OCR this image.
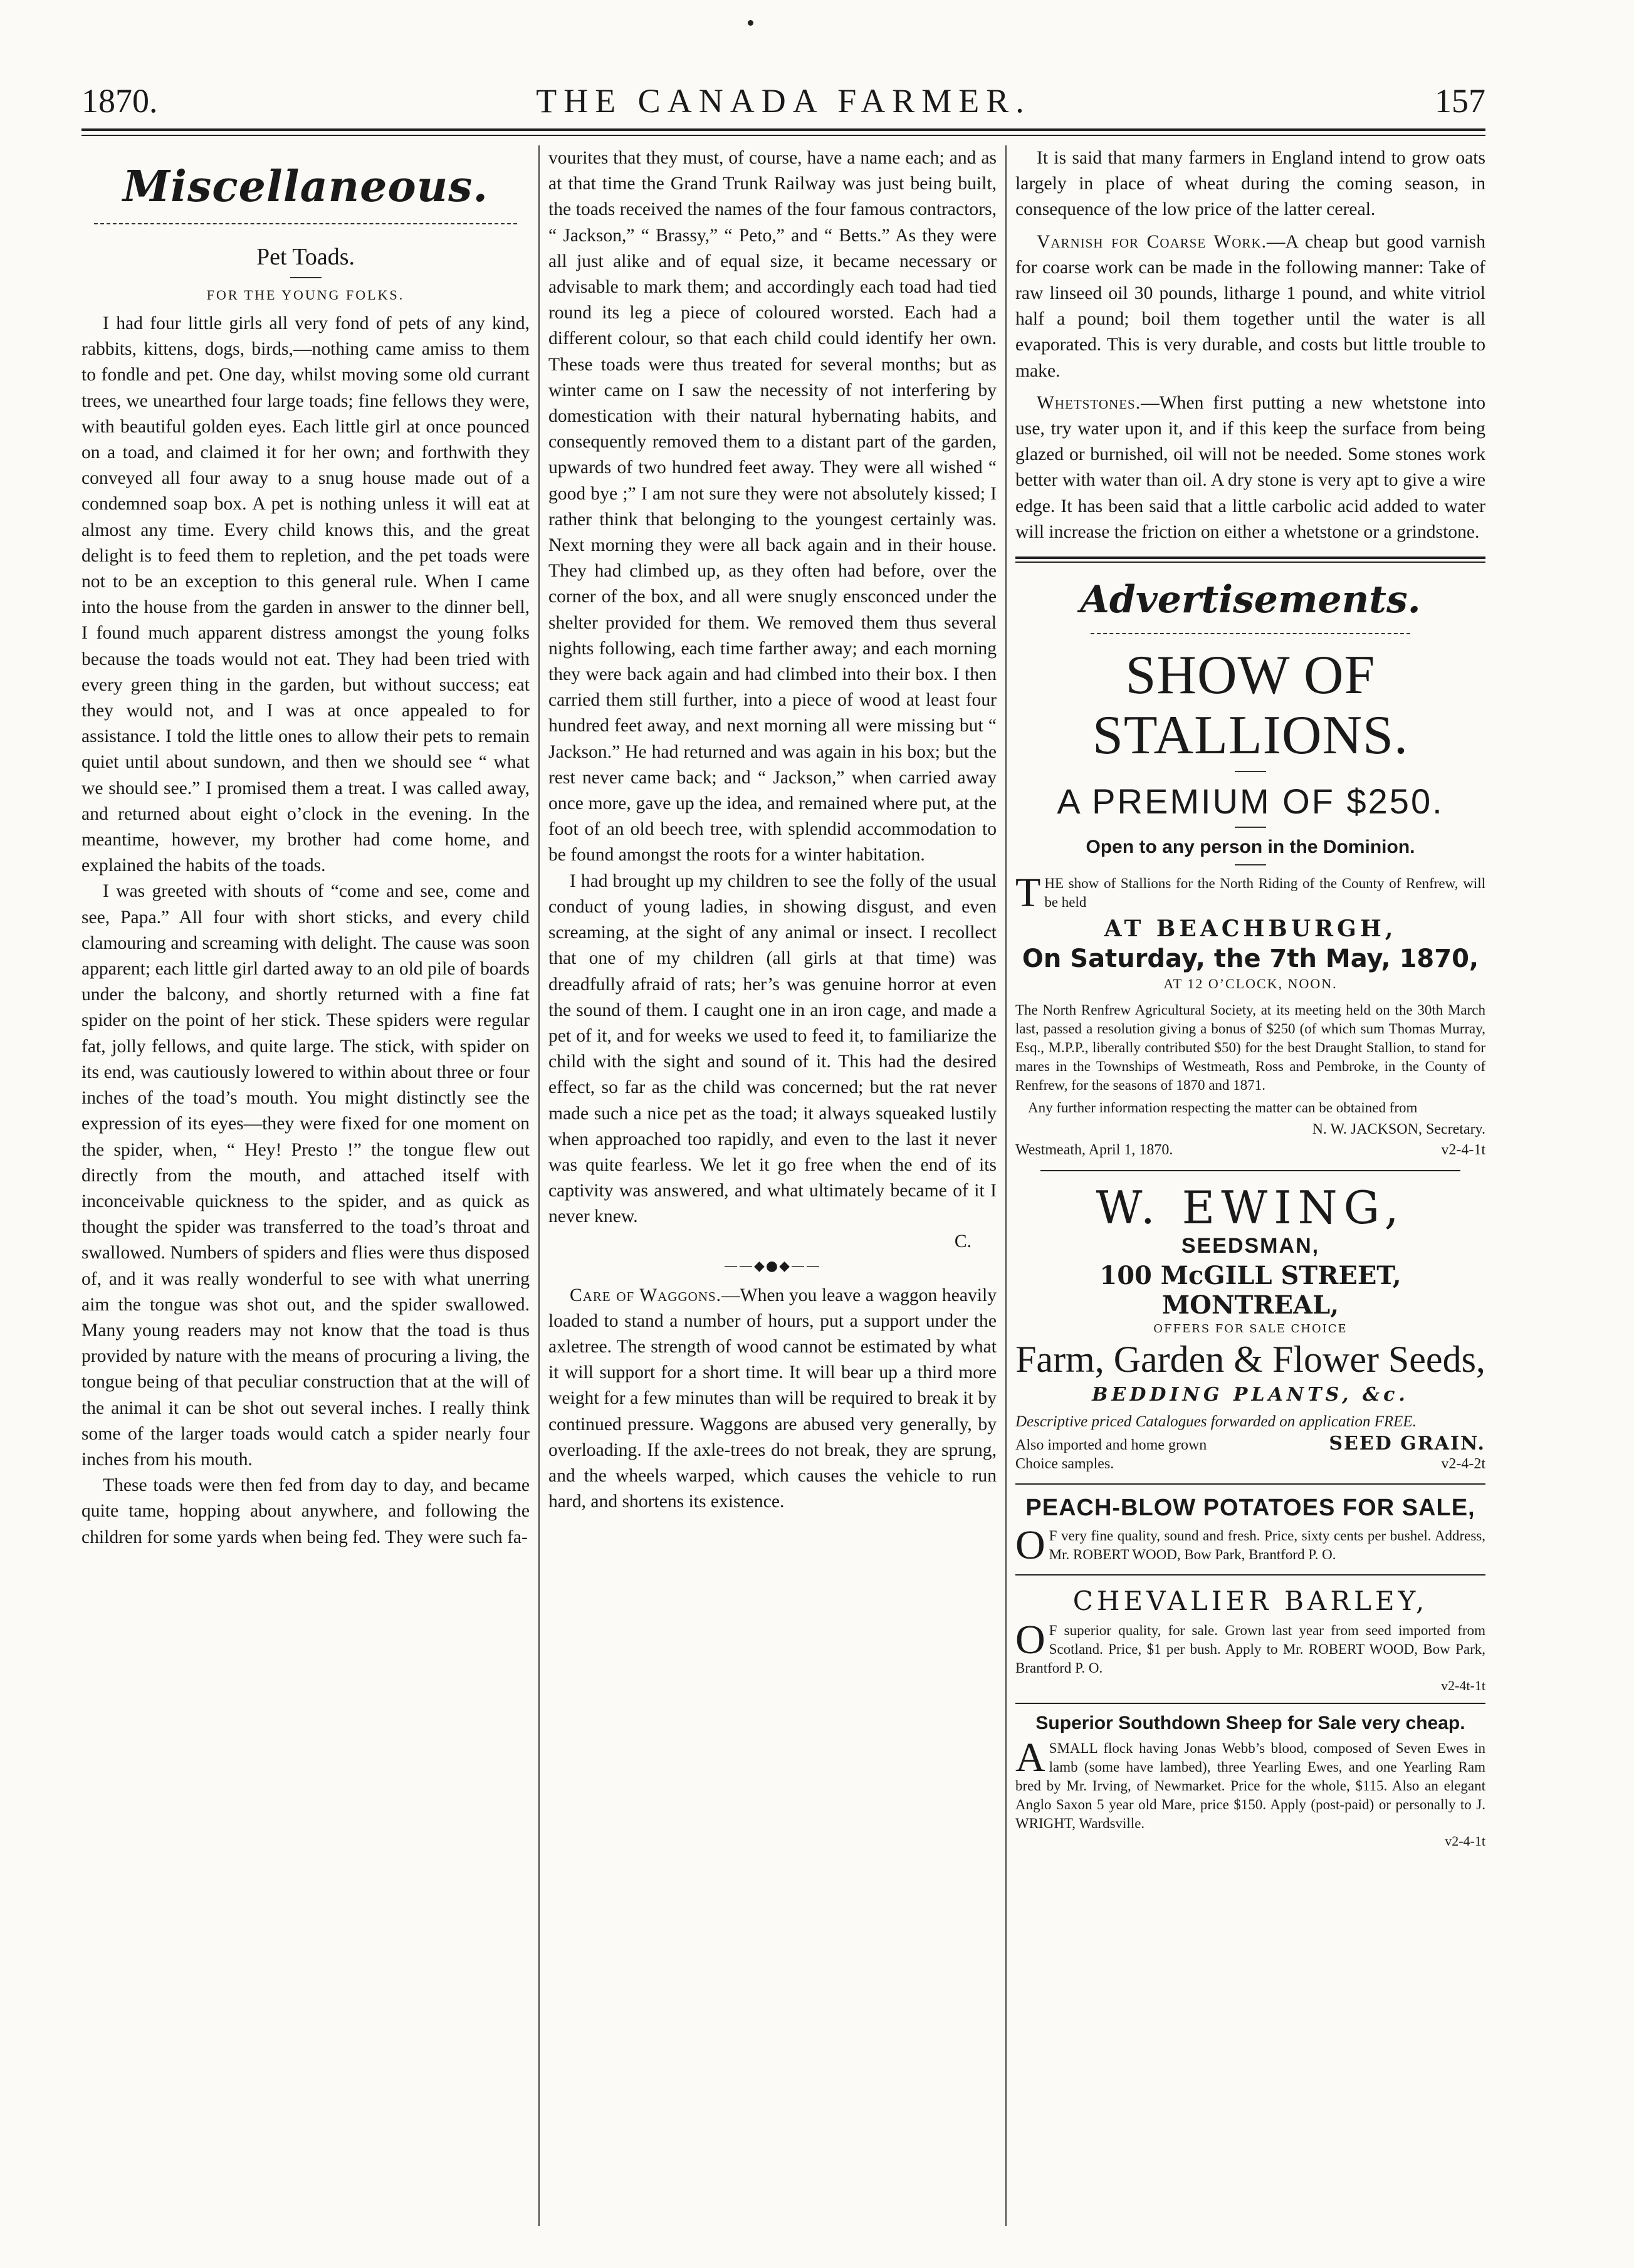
1870.	THE CANADA FARMER.	157
Miscellaneous.
Pet Toads.
FOR THE YOUNG FOLKS.

I had four little girls all very fond of pets of any kind, rabbits, kittens, dogs, birds,—nothing came amiss to them to fondle and pet. One day, whilst moving some old currant trees, we unearthed four large toads; fine fellows they were, with beautiful golden eyes. Each little girl at once pounced on a toad, and claimed it for her own; and forthwith they conveyed all four away to a snug house made out of a condemned soap box. A pet is nothing unless it will eat at almost any time. Every child knows this, and the great delight is to feed them to repletion, and the pet toads were not to be an exception to this general rule. When I came into the house from the garden in answer to the dinner bell, I found much apparent distress amongst the young folks because the toads would not eat. They had been tried with every green thing in the garden, but without success; eat they would not, and I was at once appealed to for assistance. I told the little ones to allow their pets to remain quiet until about sundown, and then we should see “ what we should see.” I promised them a treat. I was called away, and returned about eight o’clock in the evening. In the meantime, however, my brother had come home, and explained the habits of the toads.

I was greeted with shouts of “come and see, come and see, Papa.” All four with short sticks, and every child clamouring and screaming with delight. The cause was soon apparent; each little girl darted away to an old pile of boards under the balcony, and shortly returned with a fine fat spider on the point of her stick. These spiders were regular fat, jolly fellows, and quite large. The stick, with spider on its end, was cautiously lowered to within about three or four inches of the toad’s mouth. You might distinctly see the expression of its eyes—they were fixed for one moment on the spider, when, “ Hey! Presto !” the tongue flew out directly from the mouth, and attached itself with inconceivable quickness to the spider, and as quick as thought the spider was transferred to the toad’s throat and swallowed. Numbers of spiders and flies were thus disposed of, and it was really wonderful to see with what unerring aim the tongue was shot out, and the spider swallowed. Many young readers may not know that the toad is thus provided by nature with the means of procuring a living, the tongue being of that peculiar construction that at the will of the animal it can be shot out several inches. I really think some of the larger toads would catch a spider nearly four inches from his mouth.

These toads were then fed from day to day, and became quite tame, hopping about anywhere, and following the children for some yards when being fed. They were such fa-

vourites that they must, of course, have a name each; and as at that time the Grand Trunk Railway was just being built, the toads received the names of the four famous contractors, “ Jackson,” “ Brassy,” “ Peto,” and “ Betts.” As they were all just alike and of equal size, it became necessary or advisable to mark them; and accordingly each toad had tied round its leg a piece of coloured worsted. Each had a different colour, so that each child could identify her own. These toads were thus treated for several months; but as winter came on I saw the necessity of not interfering by domestication with their natural hybernating habits, and consequently removed them to a distant part of the garden, upwards of two hundred feet away. They were all wished “ good bye ;” I am not sure they were not absolutely kissed; I rather think that belonging to the youngest certainly was. Next morning they were all back again and in their house. They had climbed up, as they often had before, over the corner of the box, and all were snugly ensconced under the shelter provided for them. We removed them thus several nights following, each time farther away; and each morning they were back again and had climbed into their box. I then carried them still further, into a piece of wood at least four hundred feet away, and next morning all were missing but “ Jackson.” He had returned and was again in his box; but the rest never came back; and “ Jackson,” when carried away once more, gave up the idea, and remained where put, at the foot of an old beech tree, with splendid accommodation to be found amongst the roots for a winter habitation.

I had brought up my children to see the folly of the usual conduct of young ladies, in showing disgust, and even screaming, at the sight of any animal or insect. I recollect that one of my children (all girls at that time) was dreadfully afraid of rats; her’s was genuine horror at even the sound of them. I caught one in an iron cage, and made a pet of it, and for weeks we used to feed it, to familiarize the child with the sight and sound of it. This had the desired effect, so far as the child was concerned; but the rat never made such a nice pet as the toad; it always squeaked lustily when approached too rapidly, and even to the last it never was quite fearless. We let it go free when the end of its captivity was answered, and what ultimately became of it I never knew.

C.
——◆●◆——

Care of Waggons.—When you leave a waggon heavily loaded to stand a number of hours, put a support under the axletree. The strength of wood cannot be estimated by what it will support for a short time. It will bear up a third more weight for a few minutes than will be required to break it by continued pressure. Waggons are abused very generally, by overloading. If the axle-trees do not break, they are sprung, and the wheels warped, which causes the vehicle to run hard, and shortens its existence.

It is said that many farmers in England intend to grow oats largely in place of wheat during the coming season, in consequence of the low price of the latter cereal.

Varnish for Coarse Work.—A cheap but good varnish for coarse work can be made in the following manner: Take of raw linseed oil 30 pounds, litharge 1 pound, and white vitriol half a pound; boil them together until the water is all evaporated. This is very durable, and costs but little trouble to make.

Whetstones.—When first putting a new whetstone into use, try water upon it, and if this keep the surface from being glazed or burnished, oil will not be needed. Some stones work better with water than oil. A dry stone is very apt to give a wire edge. It has been said that a little carbolic acid added to water will increase the friction on either a whetstone or a grindstone.

Advertisements.
SHOW OF STALLIONS.
A PREMIUM OF $250.
Open to any person in the Dominion.

THE show of Stallions for the North Riding of the County of Renfrew, will be held

AT BEACHBURGH,
On Saturday, the 7th May, 1870,
AT 12 O’CLOCK, NOON.

The North Renfrew Agricultural Society, at its meeting held on the 30th March last, passed a resolution giving a bonus of $250 (of which sum Thomas Murray, Esq., M.P.P., liberally contributed $50) for the best Draught Stallion, to stand for mares in the Townships of Westmeath, Ross and Pembroke, in the County of Renfrew, for the seasons of 1870 and 1871.

Any further information respecting the matter can be obtained from

N. W. JACKSON, Secretary.
Westmeath, April 1, 1870.	v2-4-1t
W. EWING,
SEEDSMAN,
100 McGILL STREET, MONTREAL,
OFFERS FOR SALE CHOICE
Farm, Garden & Flower Seeds,
BEDDING PLANTS, &c.
Descriptive priced Catalogues forwarded on application FREE.
Also imported and home grown	SEED GRAIN.
Choice samples.	v2-4-2t
PEACH-BLOW POTATOES FOR SALE,

O F very fine quality, sound and fresh. Price, sixty cents per bushel. Address, Mr. ROBERT WOOD, Bow Park, Brantford P. O.

CHEVALIER BARLEY,

O F superior quality, for sale. Grown last year from seed imported from Scotland. Price, $1 per bush. Apply to Mr. ROBERT WOOD, Bow Park, Brantford P. O.

v2-4t-1t
Superior Southdown Sheep for Sale very cheap.

ASMALL flock having Jonas Webb’s blood, composed of Seven Ewes in lamb (some have lambed), three Yearling Ewes, and one Yearling Ram bred by Mr. Irving, of Newmarket. Price for the whole, $115. Also an elegant Anglo Saxon 5 year old Mare, price $150. Apply (post-paid) or personally to J. WRIGHT, Wardsville.

v2-4-1t
